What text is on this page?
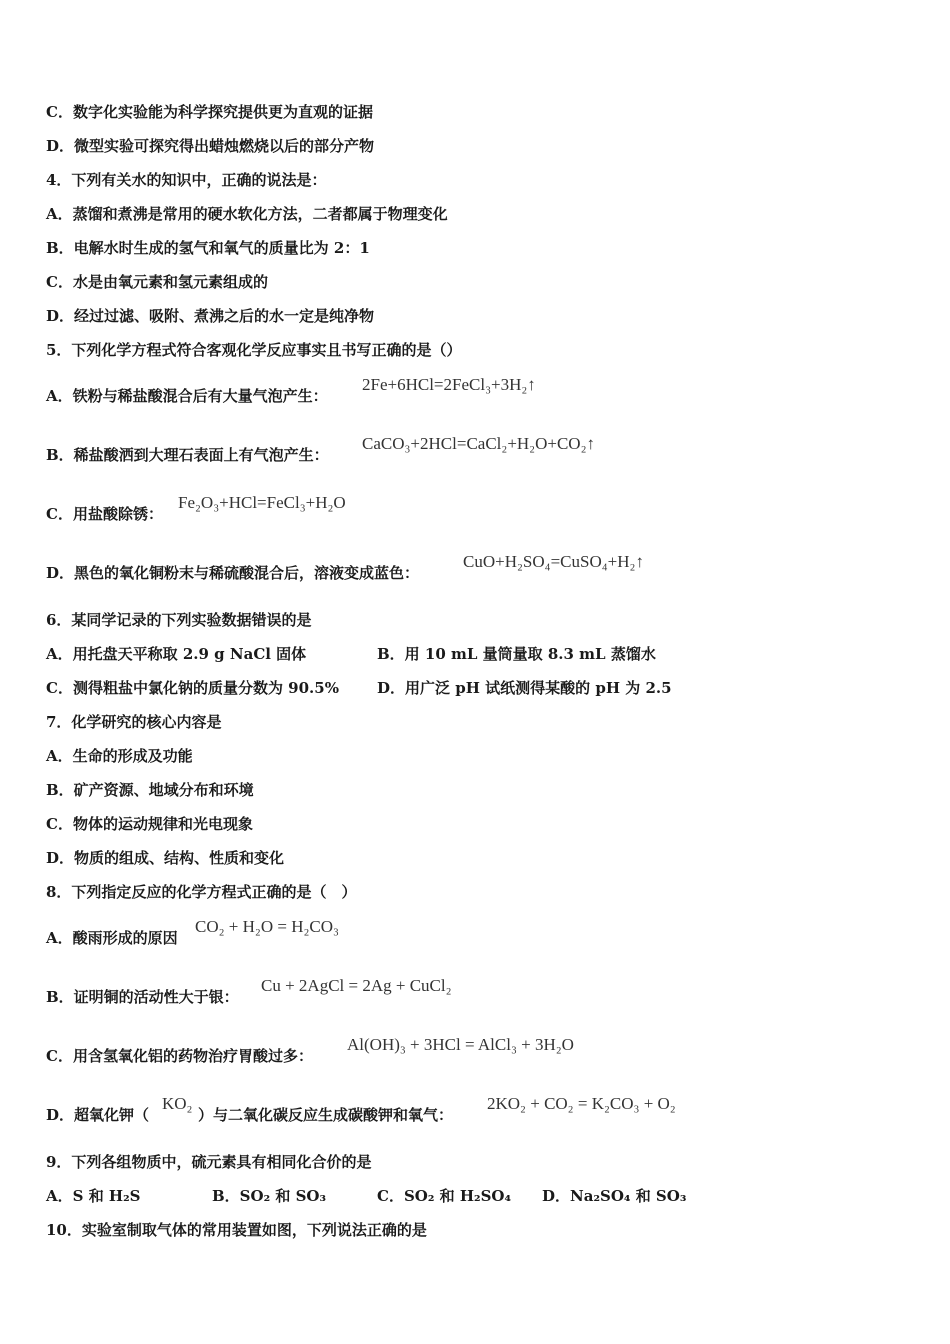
C．数字化实验能为科学探究提供更为直观的证据
D．微型实验可探究得出蜡烛燃烧以后的部分产物
4．下列有关水的知识中，正确的说法是：
A．蒸馏和煮沸是常用的硬水软化方法，二者都属于物理变化
B．电解水时生成的氢气和氧气的质量比为 2：1
C．水是由氧元素和氢元素组成的
D．经过过滤、吸附、煮沸之后的水一定是纯净物
5．下列化学方程式符合客观化学反应事实且书写正确的是（）
A．铁粉与稀盐酸混合后有大量气泡产生：
2Fe+6HCl=2FeCl₃+3H₂↑
B．稀盐酸洒到大理石表面上有气泡产生：
CaCO₃+2HCl=CaCl₂+H₂O+CO₂↑
C．用盐酸除锈：
Fe₂O₃+HCl=FeCl₃+H₂O
D．黑色的氧化铜粉末与稀硫酸混合后，溶液变成蓝色：
CuO+H₂SO₄=CuSO₄+H₂↑
6．某同学记录的下列实验数据错误的是
A．用托盘天平称取 2.9 g NaCl 固体	B．用 10 mL 量筒量取 8.3 mL 蒸馏水
C．测得粗盐中氯化钠的质量分数为 90.5%	D．用广泛 pH 试纸测得某酸的 pH 为 2.5
7．化学研究的核心内容是
A．生命的形成及功能
B．矿产资源、地域分布和环境
C．物体的运动规律和光电现象
D．物质的组成、结构、性质和变化
8．下列指定反应的化学方程式正确的是（　）
A．酸雨形成的原因
CO₂ + H₂O = H₂CO₃
B．证明铜的活动性大于银：
Cu + 2AgCl = 2Ag + CuCl₂
C．用含氢氧化铝的药物治疗胃酸过多：
Al(OH)₃ + 3HCl = AlCl₃ + 3H₂O
D．超氧化钾（
KO₂
）与二氧化碳反应生成碳酸钾和氧气：
2KO₂ + CO₂ = K₂CO₃ + O₂
9．下列各组物质中，硫元素具有相同化合价的是
A．S 和 H₂S	B．SO₂ 和 SO₃	C．SO₂ 和 H₂SO₄ D．Na₂SO₄ 和 SO₃
10．实验室制取气体的常用装置如图，下列说法正确的是
